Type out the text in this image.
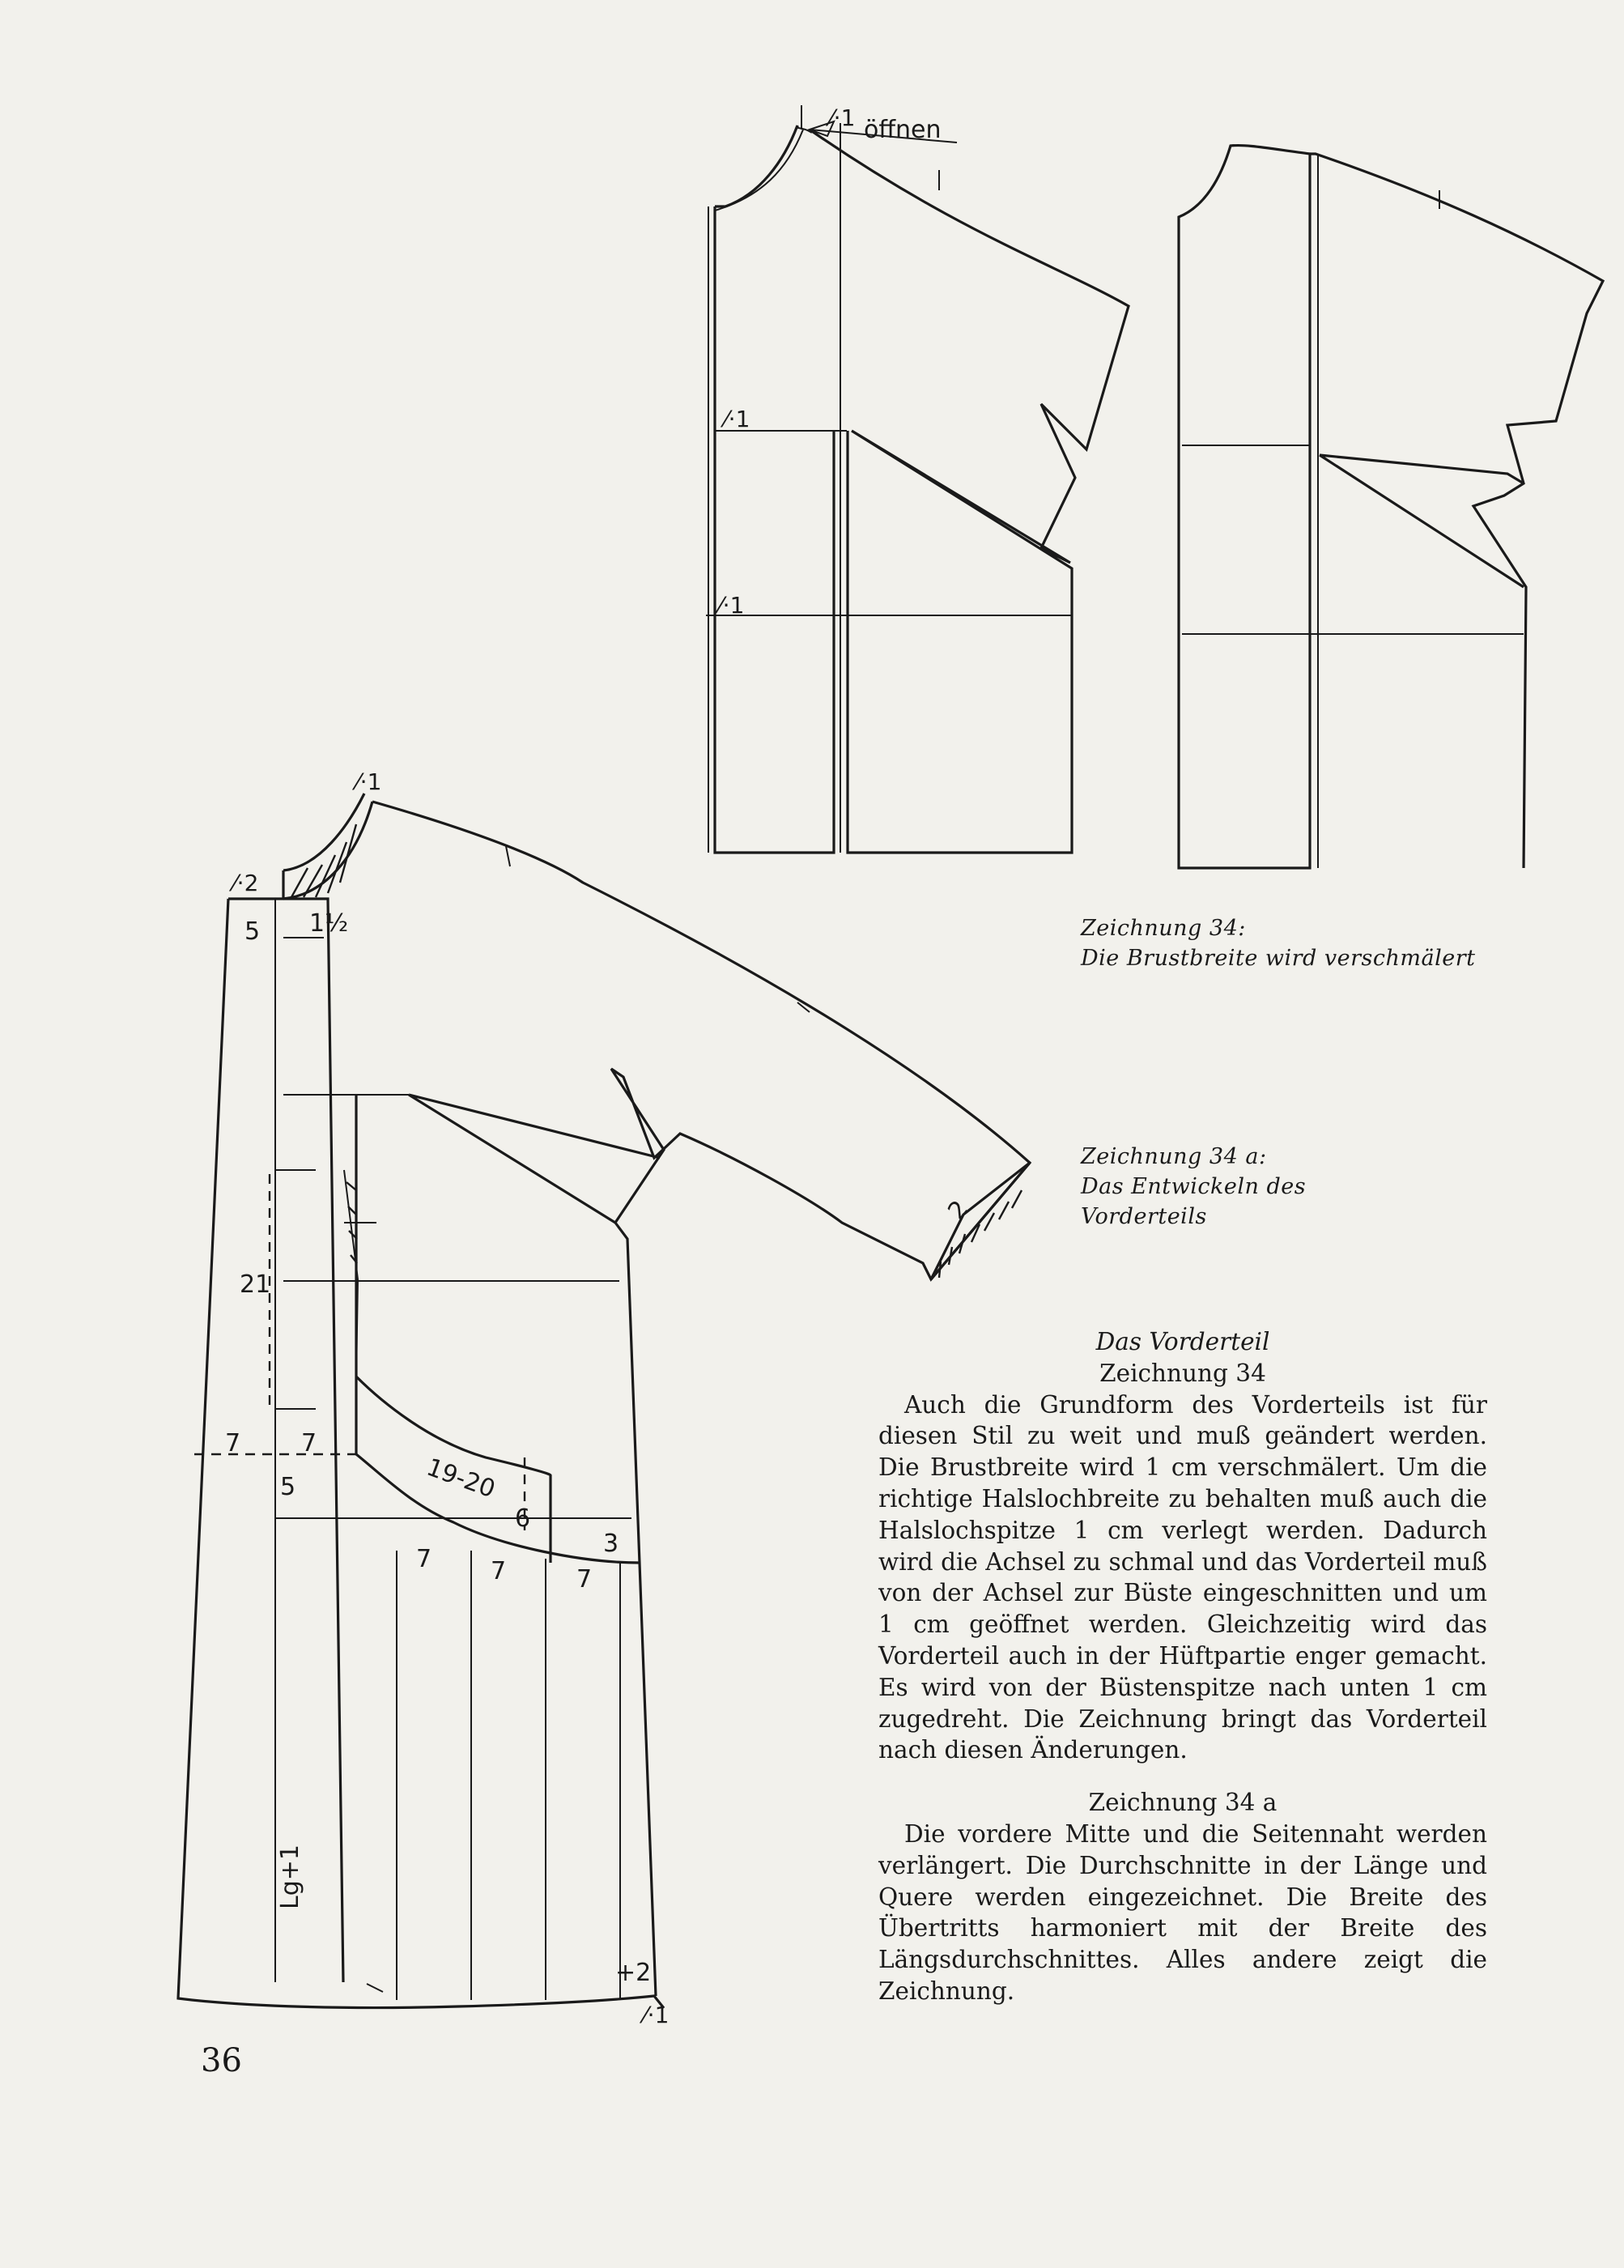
öffnen
⁄·1
⁄·1
⁄·1
⁄·1
⁄·2
5 1½
21
7 7
5	19-20
6
3
7 7	7
2
Lg+1
+2
⁄·1
Zeichnung 34:
Die Brustbreite wird verschmälert
Zeichnung 34 a:
Das Entwickeln des
Vorderteils
Das Vorderteil
Zeichnung 34

Auch die Grundform des Vorderteils ist für diesen Stil zu weit und muß geändert werden. Die Brustbreite wird 1 cm verschmälert. Um die richtige Halslochbreite zu behalten muß auch die Halslochspitze 1 cm verlegt werden. Dadurch wird die Achsel zu schmal und das Vorderteil muß von der Achsel zur Büste eingeschnitten und um 1 cm geöffnet werden. Gleichzeitig wird das Vorderteil auch in der Hüftpartie enger gemacht. Es wird von der Büstenspitze nach unten 1 cm zugedreht. Die Zeichnung bringt das Vorderteil nach diesen Änderungen.

Zeichnung 34 a

Die vordere Mitte und die Seitennaht werden verlängert. Die Durchschnitte in der Länge und Quere werden eingezeichnet. Die Breite des Übertritts harmoniert mit der Breite des Längsdurchschnittes. Alles andere zeigt die Zeichnung.

36
